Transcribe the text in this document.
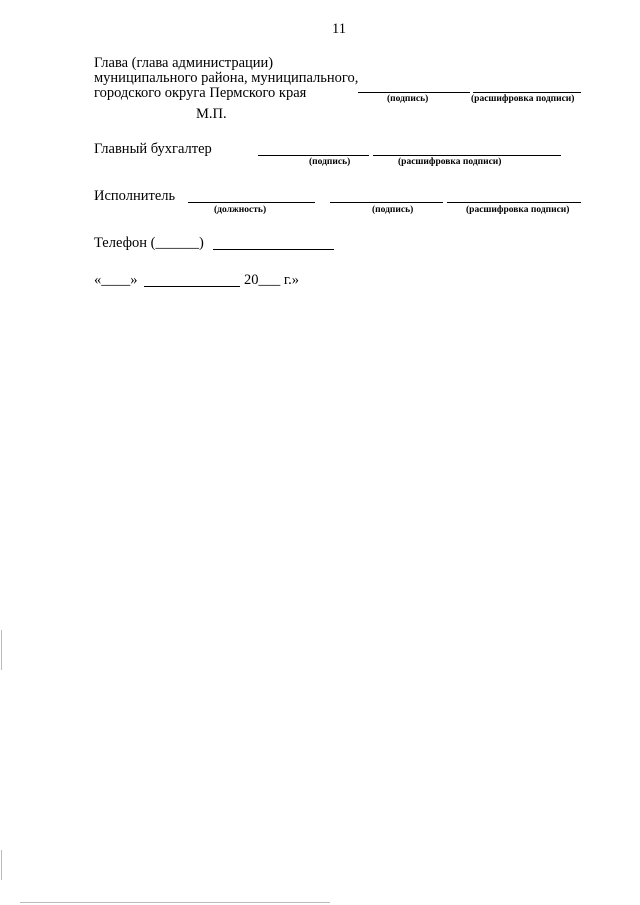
11
Глава (глава администрации)
муниципального района, муниципального,
городского округа Пермского края	(подпись)	(расшифровка подписи)
М.П.
Главный бухгалтер
(подпись)	(расшифровка подписи)
Исполнитель
(должность)	(подпись)	(расшифровка подписи)
Телефон (______)
«____»	20___ г.»
